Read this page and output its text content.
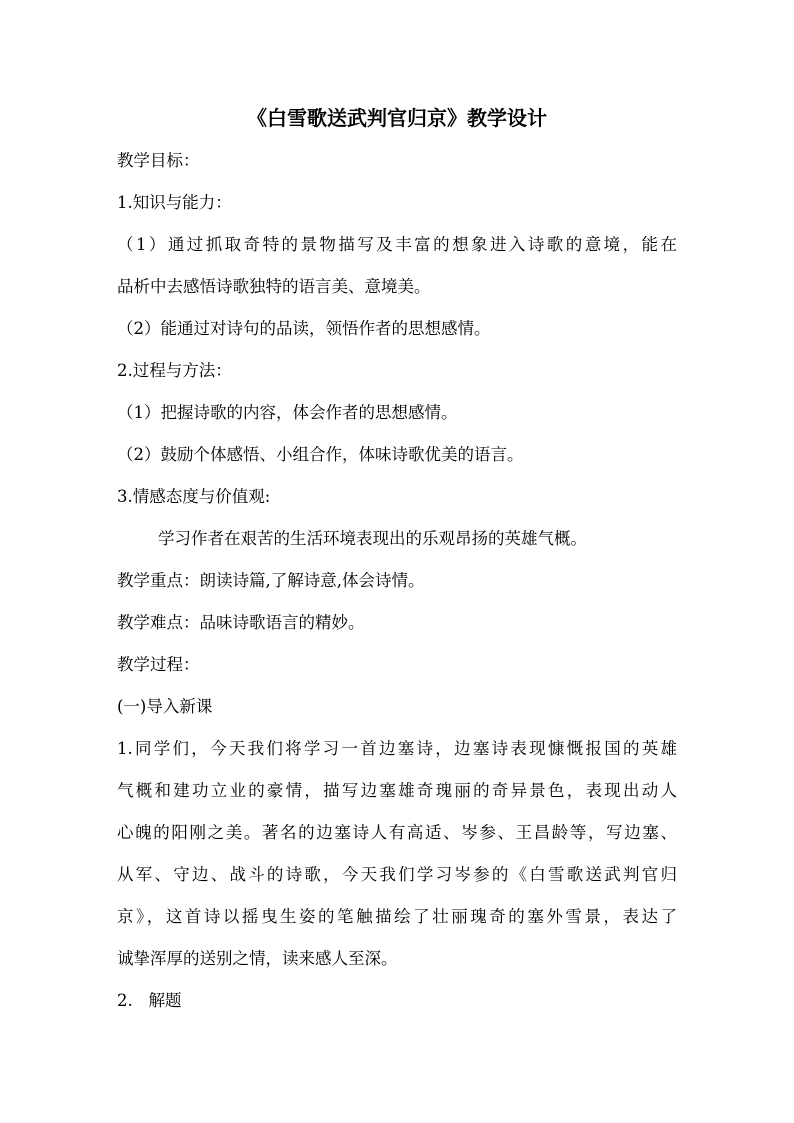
《白雪歌送武判官归京》教学设计
教学目标：
1.知识与能力：
（1）通过抓取奇特的景物描写及丰富的想象进入诗歌的意境，能在
品析中去感悟诗歌独特的语言美、意境美。
（2）能通过对诗句的品读，领悟作者的思想感情。
2.过程与方法：
（1）把握诗歌的内容，体会作者的思想感情。
（2）鼓励个体感悟、小组合作，体味诗歌优美的语言。
3.情感态度与价值观:
学习作者在艰苦的生活环境表现出的乐观昂扬的英雄气概。
教学重点：朗读诗篇,了解诗意,体会诗情。
教学难点：品味诗歌语言的精妙。
教学过程：
(一)导入新课
1.同学们，今天我们将学习一首边塞诗，边塞诗表现慷慨报国的英雄
气概和建功立业的豪情，描写边塞雄奇瑰丽的奇异景色，表现出动人
心魄的阳刚之美。著名的边塞诗人有高适、岑参、王昌龄等，写边塞、
从军、守边、战斗的诗歌，今天我们学习岑参的《白雪歌送武判官归
京》，这首诗以摇曳生姿的笔触描绘了壮丽瑰奇的塞外雪景，表达了
诚挚浑厚的送别之情，读来感人至深。
2.   解题
